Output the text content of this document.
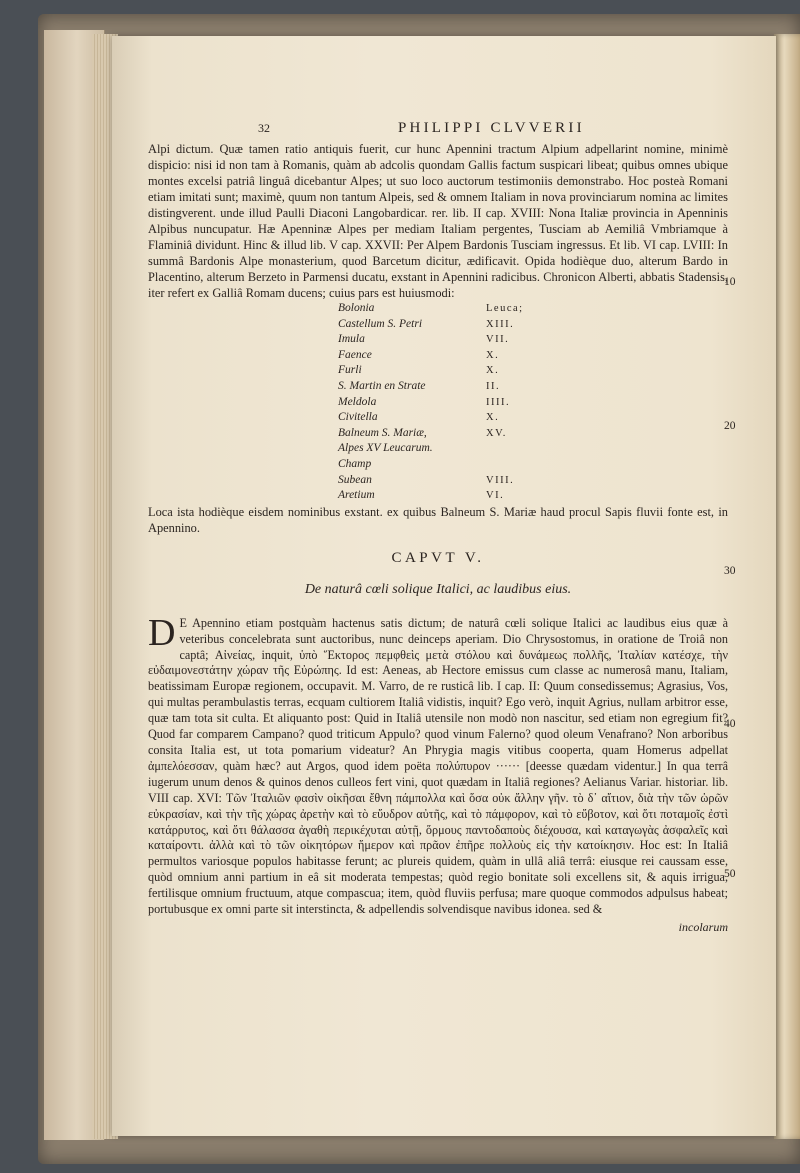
32	PHILIPPI CLVVERII

Alpi dictum. Quæ tamen ratio antiquis fuerit, cur hunc Apennini tractum Alpium adpellarint nomine, minimè dispicio: nisi id non tam à Romanis, quàm ab adcolis quondam Gallis factum suspicari libeat; quibus omnes ubique montes excelsi patriâ linguâ dicebantur Alpes; ut suo loco auctorum testimoniis demonstrabo. Hoc posteà Romani etiam imitati sunt; maximè, quum non tantum Alpeis, sed & omnem Italiam in nova provinciarum nomina ac limites distingverent. unde illud Paulli Diaconi Langobardicar. rer. lib. II cap. XVIII: Nona Italiæ provincia in Apenninis Alpibus nuncupatur. Hæ Apenninæ Alpes per mediam Italiam pergentes, Tusciam ab Aemiliâ Vmbriamque à Flaminiâ dividunt. Hinc & illud lib. V cap. XXVII: Per Alpem Bardonis Tusciam ingressus. Et lib. VI cap. LVIII: In summâ Bardonis Alpe monasterium, quod Barcetum dicitur, ædificavit. Opida hodièque duo, alterum Bardo in Placentino, alterum Berzeto in Parmensi ducatu, exstant in Apennini radicibus. Chronicon Alberti, abbatis Stadensis, iter refert ex Galliâ Romam ducens; cuius pars est huiusmodi:

Bolonia	Leuca;
Castellum S. Petri	XIII.
Imula	VII.
Faence	X.
Furli	X.
S. Martin en Strate	II.
Meldola	IIII.
Civitella	X.
Balneum S. Mariæ,	XV.
Alpes XV Leucarum.
Champ
Subean	VIII.
Aretium	VI.

Loca ista hodièque eisdem nominibus exstant. ex quibus Balneum S. Mariæ haud procul Sapis fluvii fonte est, in Apennino.

CAPVT V.
De naturâ cœli solique Italici, ac laudibus eius.
D E Apennino etiam postquàm hactenus satis dictum; de naturâ cœli solique Italici ac laudibus eius quæ à veteribus concelebrata sunt auctoribus, nunc deinceps aperiam. Dio Chrysostomus, in oratione de Troiâ non captâ; Αἰνείας, inquit, ὑπὸ Ἕκτορος πεμφθεὶς μετὰ στόλου καὶ δυνάμεως πολλῆς, Ἰταλίαν κατέσχε, τὴν εὐδαιμονεστάτην χώραν τῆς Εὐρώπης. Id est: Aeneas, ab Hectore emissus cum classe ac numerosâ manu, Italiam, beatissimam Europæ regionem, occupavit. M. Varro, de re rusticâ lib. I cap. II: Quum consedissemus; Agrasius, Vos, qui multas perambulastis terras, ecquam cultiorem Italiâ vidistis, inquit? Ego verò, inquit Agrius, nullam arbitror esse, quæ tam tota sit culta. Et aliquanto post: Quid in Italiâ utensile non modò non nascitur, sed etiam non egregium fit? Quod far comparem Campano? quod triticum Appulo? quod vinum Falerno? quod oleum Venafrano? Non arboribus consita Italia est, ut tota pomarium videatur? An Phrygia magis vitibus cooperta, quam Homerus adpellat ἀμπελόεσσαν, quàm hæc? aut Argos, quod idem poëta πολύπυρον ······ [deesse quædam videntur.] In qua terrâ iugerum unum denos & quinos denos culleos fert vini, quot quædam in Italiâ regiones? Aelianus Variar. historiar. lib. VIII cap. XVI: Τῶν Ἰταλιῶν φασὶν οἰκῆσαι ἔθνη πάμπολλα καὶ ὅσα οὐκ ἄλλην γῆν. τὸ δ᾽ αἴτιον, διὰ τὴν τῶν ὡρῶν εὐκρασίαν, καὶ τὴν τῆς χώρας ἀρετὴν καὶ τὸ εὔυδρον αὐτῆς, καὶ τὸ πάμφορον, καὶ τὸ εὔβοτον, καὶ ὅτι ποταμοῖς ἐστὶ κατάρρυτος, καὶ ὅτι θάλασσα ἀγαθὴ περικέχυται αὐτῇ, ὅρμους παντοδαποὺς διέχουσα, καὶ καταγωγὰς ἀσφαλεῖς καὶ καταίροντι. ἀλλὰ καὶ τὸ τῶν οἰκητόρων ἥμερον καὶ πρᾶον ἐπῆρε πολλοὺς εἰς τὴν κατοίκησιν. Hoc est: In Italiâ permultos variosque populos habitasse ferunt; ac plureis quidem, quàm in ullâ aliâ terrâ: eiusque rei caussam esse, quòd omnium anni partium in eâ sit moderata tempestas; quòd regio bonitate soli excellens sit, & aquis irrigua, fertilisque omnium fructuum, atque compascua; item, quòd fluviis perfusa; mare quoque commodos adpulsus habeat; portubusque ex omni parte sit interstincta, & adpellendis solvendisque navibus idonea. sed &

incolarum
10
20
30
40
50
